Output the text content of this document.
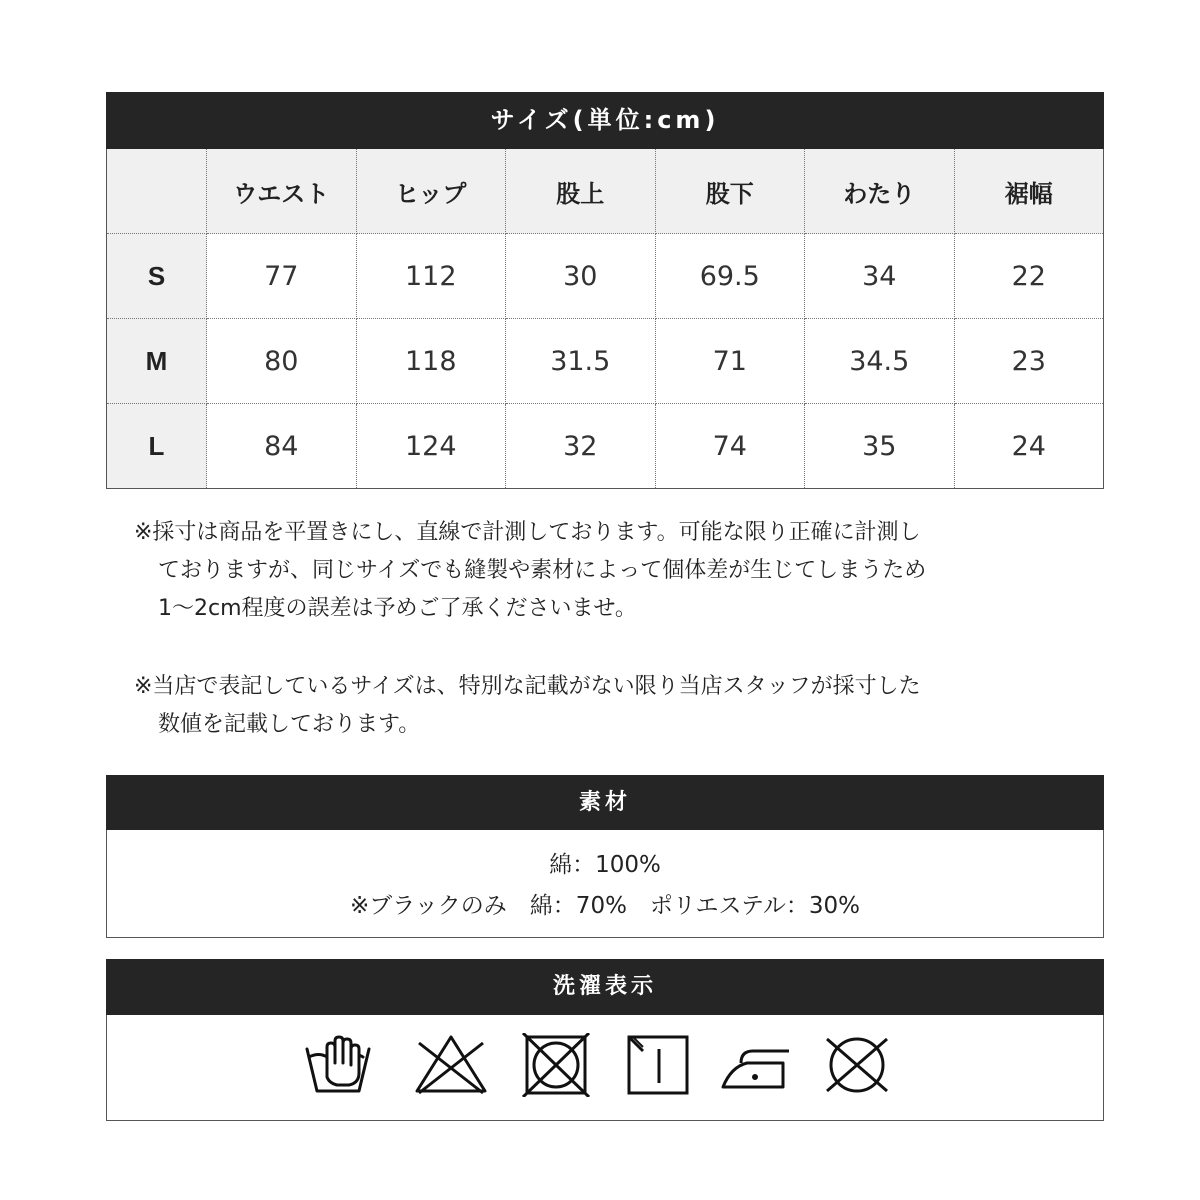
サイズ(単位:cm)
	ウエスト	ヒップ	股上	股下	わたり	裾幅
S	77	112	30	69.5	34	22
M	80	118	31.5	71	34.5	23
L	84	124	32	74	35	24
※採寸は商品を平置きにし、直線で計測しております。可能な限り正確に計測し
ておりますが、同じサイズでも縫製や素材によって個体差が生じてしまうため
1～2cm程度の誤差は予めご了承くださいませ。
※当店で表記しているサイズは、特別な記載がない限り当店スタッフが採寸した
数値を記載しております。
素材
綿：100%
※ブラックのみ　綿：70%　ポリエステル：30%
洗濯表示
